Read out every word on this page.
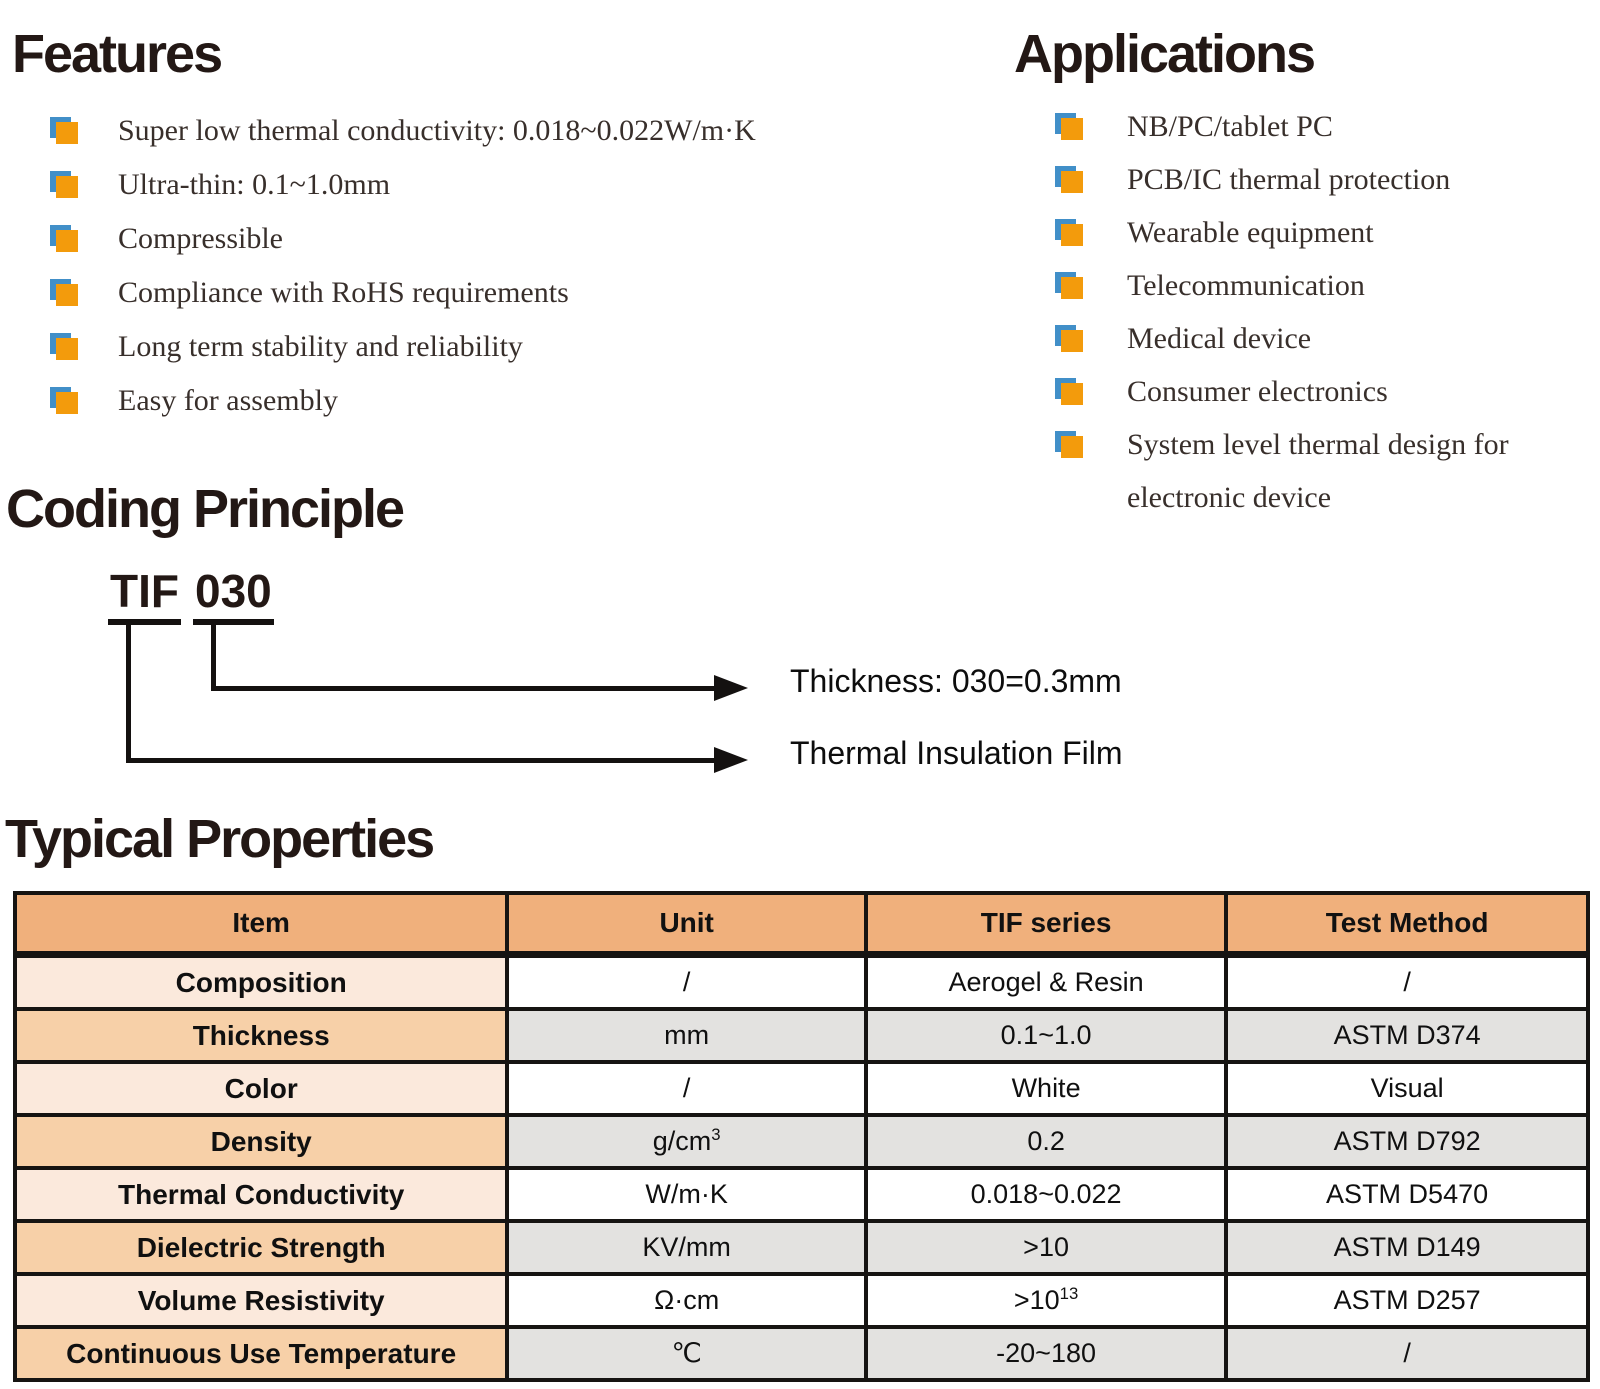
Features
Super low thermal conductivity: 0.018~0.022W/m·K
Ultra-thin: 0.1~1.0mm
Compressible
Compliance with RoHS requirements
Long term stability and reliability
Easy for assembly
Applications
NB/PC/tablet PC
PCB/IC thermal protection
Wearable equipment
Telecommunication
Medical device
Consumer electronics
System level thermal design for electronic device
Coding Principle
TIF 030
Thickness: 030=0.3mm
Thermal Insulation Film
Typical Properties
Item	Unit	TIF series	Test Method
Composition	/	Aerogel & Resin	/
Thickness	mm	0.1~1.0	ASTM D374
Color	/	White	Visual
Density	$g/cm^3$	0.2	ASTM D792
Thermal Conductivity	W/m·K	0.018~0.022	ASTM D5470
Dielectric Strength	KV/mm	>10	ASTM D149
Volume Resistivity	Ω·cm	$>10^{13}$	ASTM D257
Continuous Use Temperature	℃	-20~180	/
